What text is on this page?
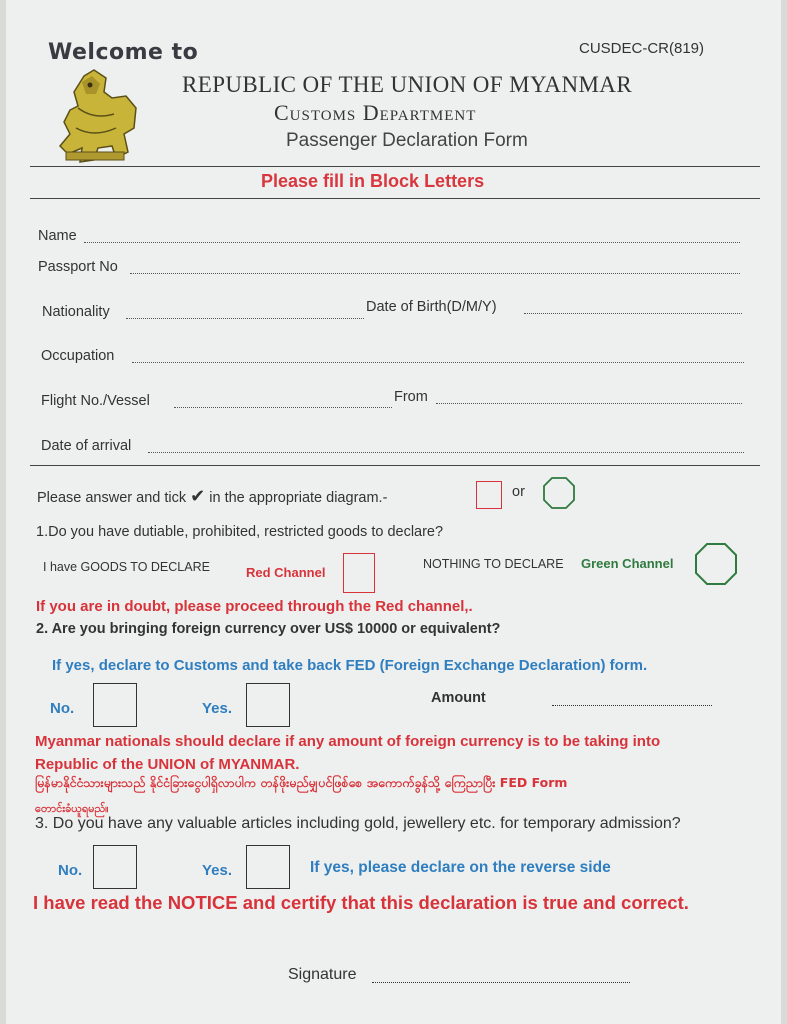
Welcome to	CUSDEC-CR(819)
REPUBLIC OF THE UNION OF MYANMAR
Customs Department
Passenger Declaration Form
Please fill in Block Letters
Name
Passport No
Nationality	Date of Birth(D/M/Y)
Occupation
Flight No./Vessel	From
Date of arrival
Please answer and tick ✔ in the appropriate diagram.-	or
1.Do you have dutiable, prohibited, restricted goods to declare?
I have GOODS TO DECLARE	Red Channel
NOTHING TO DECLARE Green Channel
If you are in doubt, please proceed through the Red channel,.
2. Are you bringing foreign currency over US$ 10000 or equivalent?
If yes, declare to Customs and take back FED (Foreign Exchange Declaration) form.
No.	Yes.
Amount
Myanmar nationals should declare if any amount of foreign currency is to be taking into
Republic of the UNION of MYANMAR.
မြန်မာနိုင်ငံသားများသည် နိုင်ငံခြားငွေပါရှိလာပါက တန်ဖိုးမည်မျှပင်ဖြစ်စေ အကောက်ခွန်သို့ ကြေညာပြီး FED Form
တောင်းခံယူရမည်။
3. Do you have any valuable articles including gold, jewellery etc. for temporary admission?
No.	Yes.	If yes, please declare on the reverse side
I have read the NOTICE and certify that this declaration is true and correct.
Signature
